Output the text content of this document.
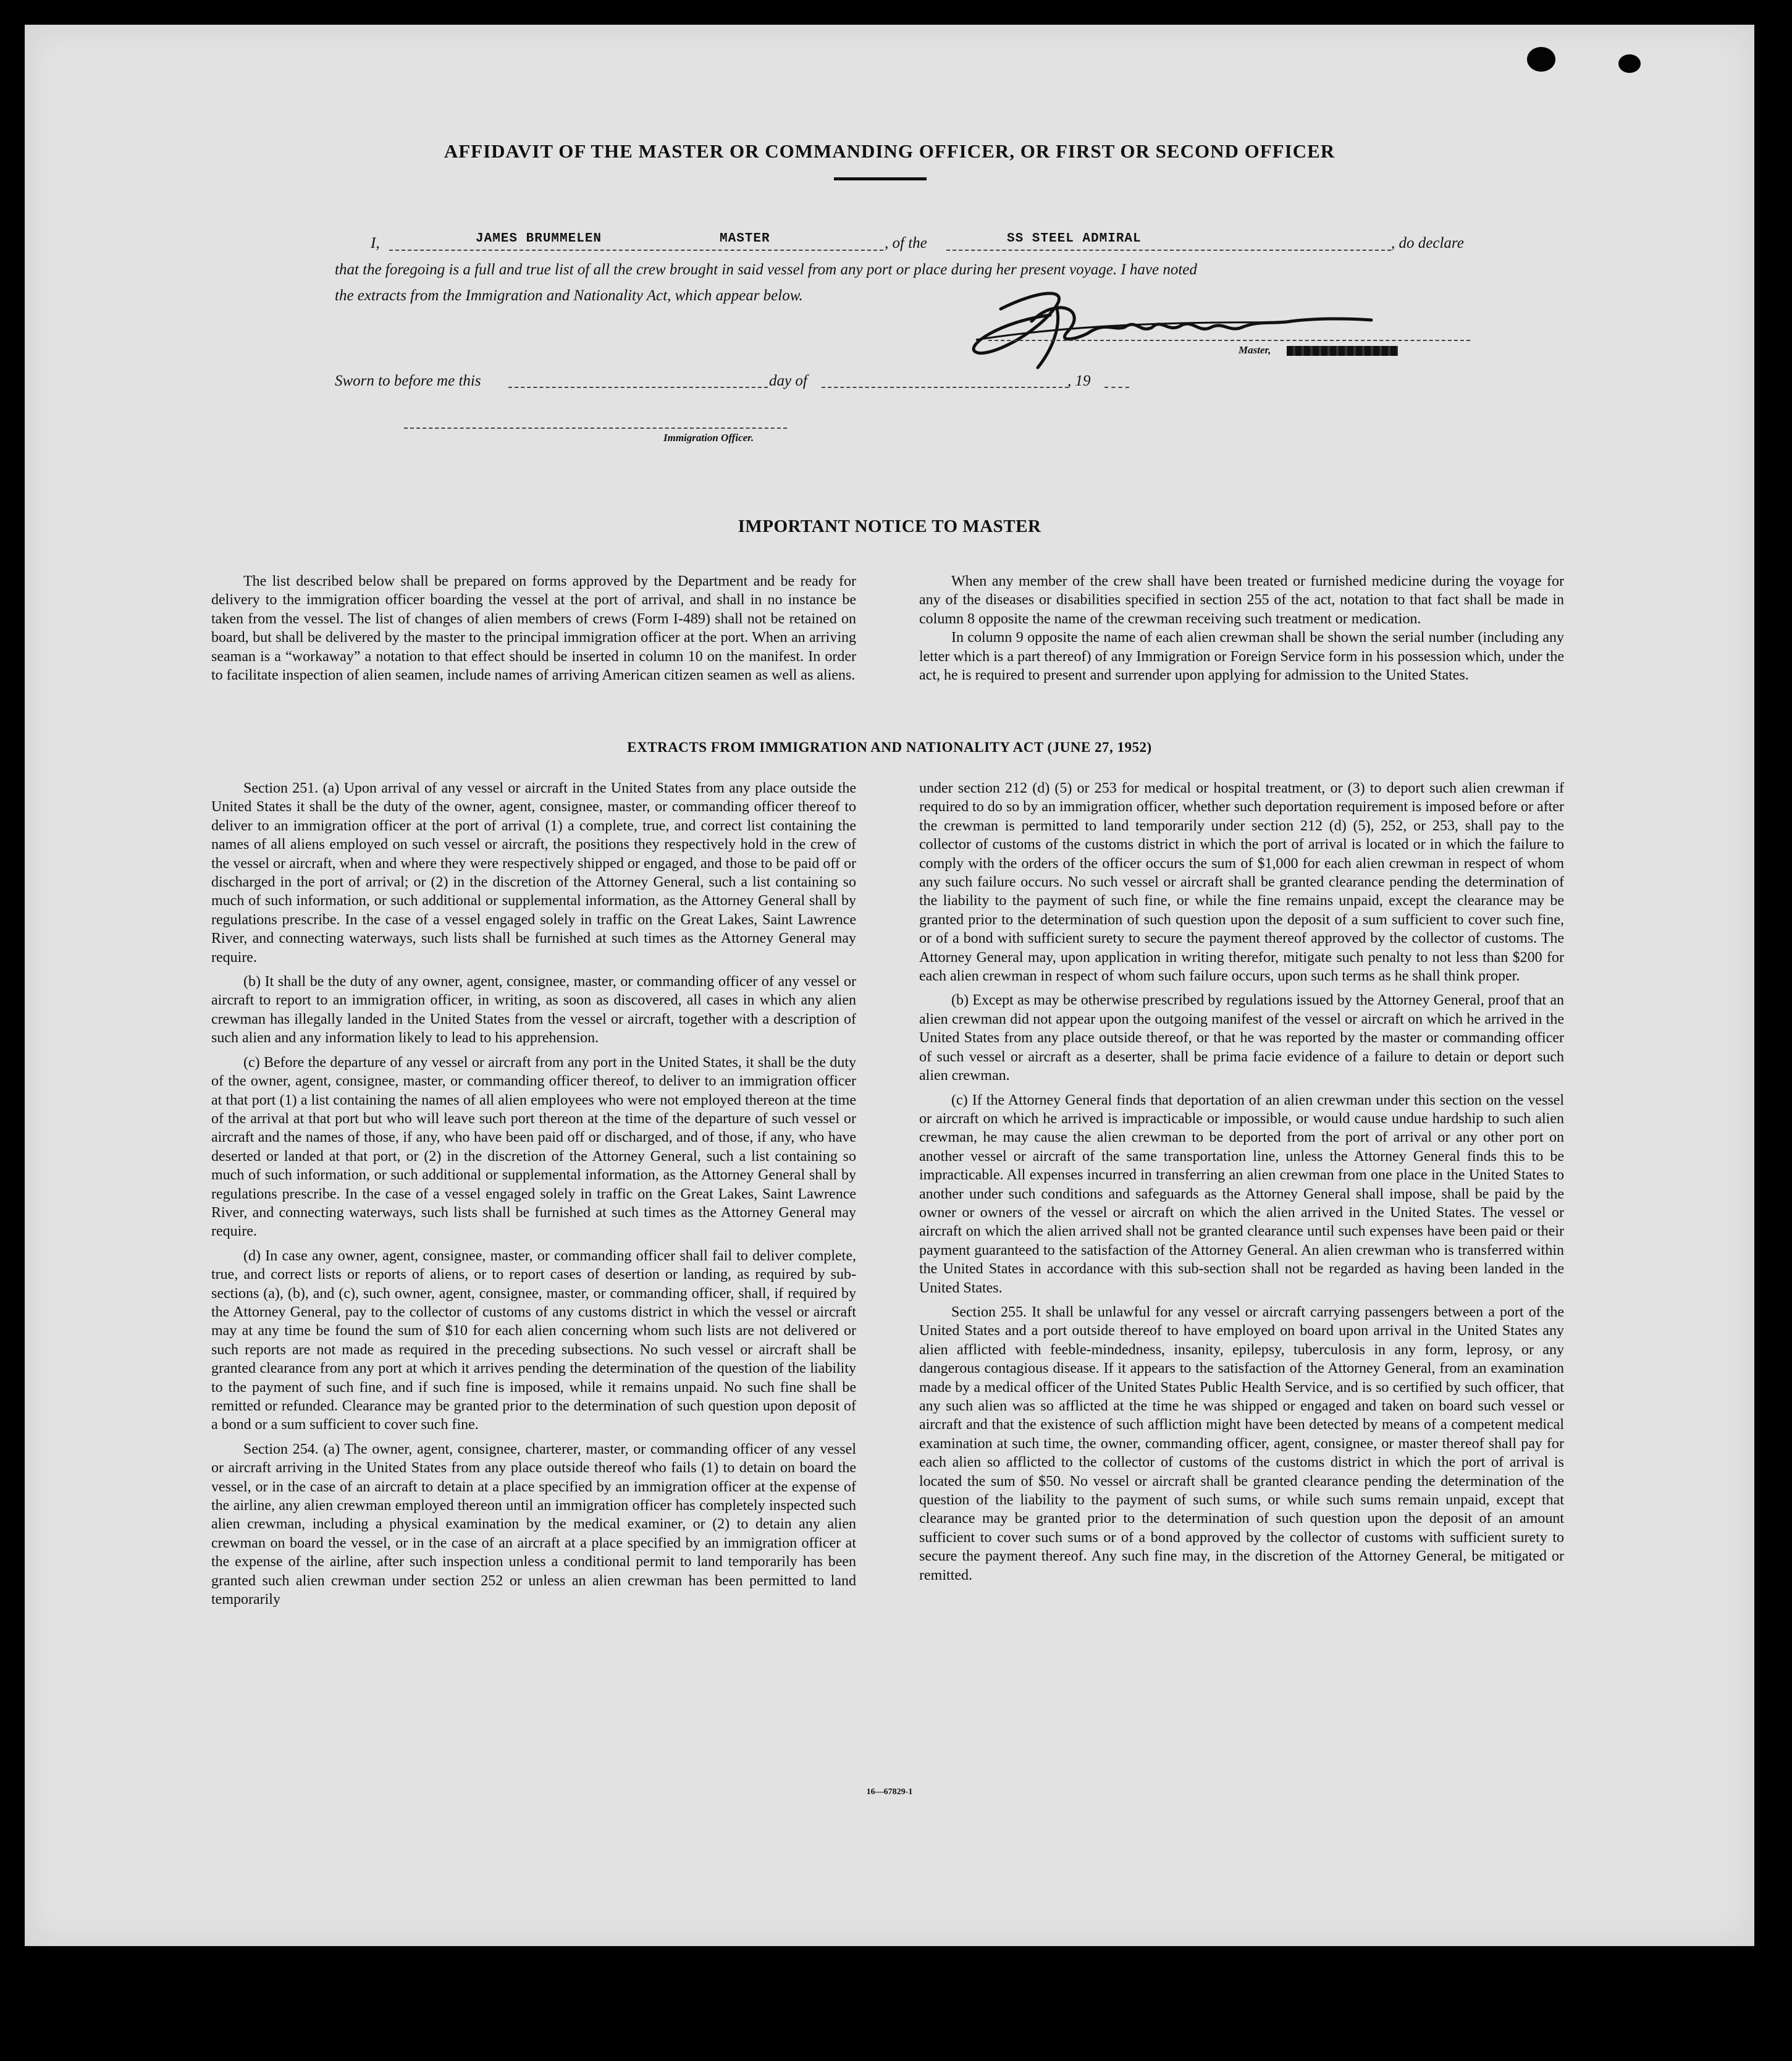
AFFIDAVIT OF THE MASTER OR COMMANDING OFFICER, OR FIRST OR SECOND OFFICER
I,	JAMES BRUMMELEN	MASTER	, of the	SS STEEL ADMIRAL	, do declare
that the foregoing is a full and true list of all the crew brought in said vessel from any port or place during her present voyage. I have noted
the extracts from the Immigration and Nationality Act, which appear below.
Master,
Sworn to before me this	day of	, 19
Immigration Officer.
IMPORTANT NOTICE TO MASTER

The list described below shall be prepared on forms approved by the Department and be ready for delivery to the immigration officer boarding the vessel at the port of arrival, and shall in no instance be taken from the vessel. The list of changes of alien members of crews (Form I-489) shall not be retained on board, but shall be delivered by the master to the principal immigration officer at the port. When an arriving seaman is a “workaway” a notation to that effect should be inserted in column 10 on the manifest. In order to facilitate inspection of alien seamen, include names of arriving American citizen seamen as well as aliens.

When any member of the crew shall have been treated or furnished medicine during the voyage for any of the diseases or disabilities specified in section 255 of the act, notation to that fact shall be made in column 8 opposite the name of the crewman receiving such treatment or medication.

In column 9 opposite the name of each alien crewman shall be shown the serial number (including any letter which is a part thereof) of any Immigration or Foreign Service form in his possession which, under the act, he is required to present and surrender upon applying for admission to the United States.

EXTRACTS FROM IMMIGRATION AND NATIONALITY ACT (JUNE 27, 1952)

Section 251. (a) Upon arrival of any vessel or aircraft in the United States from any place outside the United States it shall be the duty of the owner, agent, consignee, master, or commanding officer thereof to deliver to an immigration officer at the port of arrival (1) a complete, true, and correct list containing the names of all aliens employed on such vessel or aircraft, the positions they respectively hold in the crew of the vessel or aircraft, when and where they were respectively shipped or engaged, and those to be paid off or discharged in the port of arrival; or (2) in the discretion of the Attorney General, such a list containing so much of such information, or such additional or supplemental information, as the Attorney General shall by regulations prescribe. In the case of a vessel engaged solely in traffic on the Great Lakes, Saint Lawrence River, and connecting waterways, such lists shall be furnished at such times as the Attorney General may require.

(b) It shall be the duty of any owner, agent, consignee, master, or commanding officer of any vessel or aircraft to report to an immigration officer, in writing, as soon as discovered, all cases in which any alien crewman has illegally landed in the United States from the vessel or aircraft, together with a description of such alien and any information likely to lead to his apprehension.

(c) Before the departure of any vessel or aircraft from any port in the United States, it shall be the duty of the owner, agent, consignee, master, or commanding officer thereof, to deliver to an immigration officer at that port (1) a list containing the names of all alien employees who were not employed thereon at the time of the arrival at that port but who will leave such port thereon at the time of the departure of such vessel or aircraft and the names of those, if any, who have been paid off or discharged, and of those, if any, who have deserted or landed at that port, or (2) in the discretion of the Attorney General, such a list containing so much of such information, or such additional or supplemental information, as the Attorney General shall by regulations prescribe. In the case of a vessel engaged solely in traffic on the Great Lakes, Saint Lawrence River, and connecting waterways, such lists shall be furnished at such times as the Attorney General may require.

(d) In case any owner, agent, consignee, master, or commanding officer shall fail to deliver complete, true, and correct lists or reports of aliens, or to report cases of desertion or landing, as required by sub-sections (a), (b), and (c), such owner, agent, consignee, master, or commanding officer, shall, if required by the Attorney General, pay to the collector of customs of any customs district in which the vessel or aircraft may at any time be found the sum of $10 for each alien concerning whom such lists are not delivered or such reports are not made as required in the preceding subsections. No such vessel or aircraft shall be granted clearance from any port at which it arrives pending the determination of the question of the liability to the payment of such fine, and if such fine is imposed, while it remains unpaid. No such fine shall be remitted or refunded. Clearance may be granted prior to the determination of such question upon deposit of a bond or a sum sufficient to cover such fine.

Section 254. (a) The owner, agent, consignee, charterer, master, or commanding officer of any vessel or aircraft arriving in the United States from any place outside thereof who fails (1) to detain on board the vessel, or in the case of an aircraft to detain at a place specified by an immigration officer at the expense of the airline, any alien crewman employed thereon until an immigration officer has completely inspected such alien crewman, including a physical examination by the medical examiner, or (2) to detain any alien crewman on board the vessel, or in the case of an aircraft at a place specified by an immigration officer at the expense of the airline, after such inspection unless a conditional permit to land temporarily has been granted such alien crewman under section 252 or unless an alien crewman has been permitted to land temporarily

under section 212 (d) (5) or 253 for medical or hospital treatment, or (3) to deport such alien crewman if required to do so by an immigration officer, whether such deportation requirement is imposed before or after the crewman is permitted to land temporarily under section 212 (d) (5), 252, or 253, shall pay to the collector of customs of the customs district in which the port of arrival is located or in which the failure to comply with the orders of the officer occurs the sum of $1,000 for each alien crewman in respect of whom any such failure occurs. No such vessel or aircraft shall be granted clearance pending the determination of the liability to the payment of such fine, or while the fine remains unpaid, except the clearance may be granted prior to the determination of such question upon the deposit of a sum sufficient to cover such fine, or of a bond with sufficient surety to secure the payment thereof approved by the collector of customs. The Attorney General may, upon application in writing therefor, mitigate such penalty to not less than $200 for each alien crewman in respect of whom such failure occurs, upon such terms as he shall think proper.

(b) Except as may be otherwise prescribed by regulations issued by the Attorney General, proof that an alien crewman did not appear upon the outgoing manifest of the vessel or aircraft on which he arrived in the United States from any place outside thereof, or that he was reported by the master or commanding officer of such vessel or aircraft as a deserter, shall be prima facie evidence of a failure to detain or deport such alien crewman.

(c) If the Attorney General finds that deportation of an alien crewman under this section on the vessel or aircraft on which he arrived is impracticable or impossible, or would cause undue hardship to such alien crewman, he may cause the alien crewman to be deported from the port of arrival or any other port on another vessel or aircraft of the same transportation line, unless the Attorney General finds this to be impracticable. All expenses incurred in transferring an alien crewman from one place in the United States to another under such conditions and safeguards as the Attorney General shall impose, shall be paid by the owner or owners of the vessel or aircraft on which the alien arrived in the United States. The vessel or aircraft on which the alien arrived shall not be granted clearance until such expenses have been paid or their payment guaranteed to the satisfaction of the Attorney General. An alien crewman who is transferred within the United States in accordance with this sub-section shall not be regarded as having been landed in the United States.

Section 255. It shall be unlawful for any vessel or aircraft carrying passengers between a port of the United States and a port outside thereof to have employed on board upon arrival in the United States any alien afflicted with feeble-mindedness, insanity, epilepsy, tuberculosis in any form, leprosy, or any dangerous contagious disease. If it appears to the satisfaction of the Attorney General, from an examination made by a medical officer of the United States Public Health Service, and is so certified by such officer, that any such alien was so afflicted at the time he was shipped or engaged and taken on board such vessel or aircraft and that the existence of such affliction might have been detected by means of a competent medical examination at such time, the owner, commanding officer, agent, consignee, or master thereof shall pay for each alien so afflicted to the collector of customs of the customs district in which the port of arrival is located the sum of $50. No vessel or aircraft shall be granted clearance pending the determination of the question of the liability to the payment of such sums, or while such sums remain unpaid, except that clearance may be granted prior to the determination of such question upon the deposit of an amount sufficient to cover such sums or of a bond approved by the collector of customs with sufficient surety to secure the payment thereof. Any such fine may, in the discretion of the Attorney General, be mitigated or remitted.

16—67829-1
